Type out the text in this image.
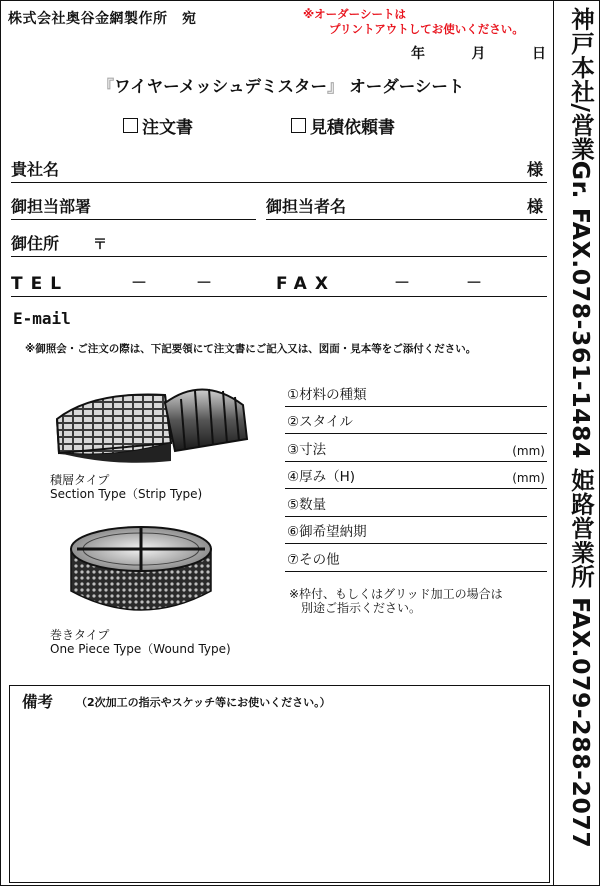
株式会社奥谷金網製作所　宛	※オーダーシートは
プリントアウトしてお使いください。
年	月	日
『ワイヤーメッシュデミスター』 オーダーシート
注文書	見積依頼書
貴社名	様
御担当部署	御担当者名	様
御住所 〒
TEL	－	－	FAX	－	－
E-mail
※御照会・ご注文の際は、下記要領にて注文書にご記入又は、図面・見本等をご添付ください。
積層タイプ
Section Type（Strip Type)
巻きタイプ
One Piece Type（Wound Type)
①材料の種類
②スタイル
③寸法	(mm)
④厚み（H)	(mm)
⑤数量
⑥御希望納期
⑦その他
※枠付、もしくはグリッド加工の場合は
別途ご指示ください。
備考 （2次加工の指示やスケッチ等にお使いください。）	神戸本社/営業Gr. FAX.078-361-1484 姫路営業所 FAX.079-288-2077
